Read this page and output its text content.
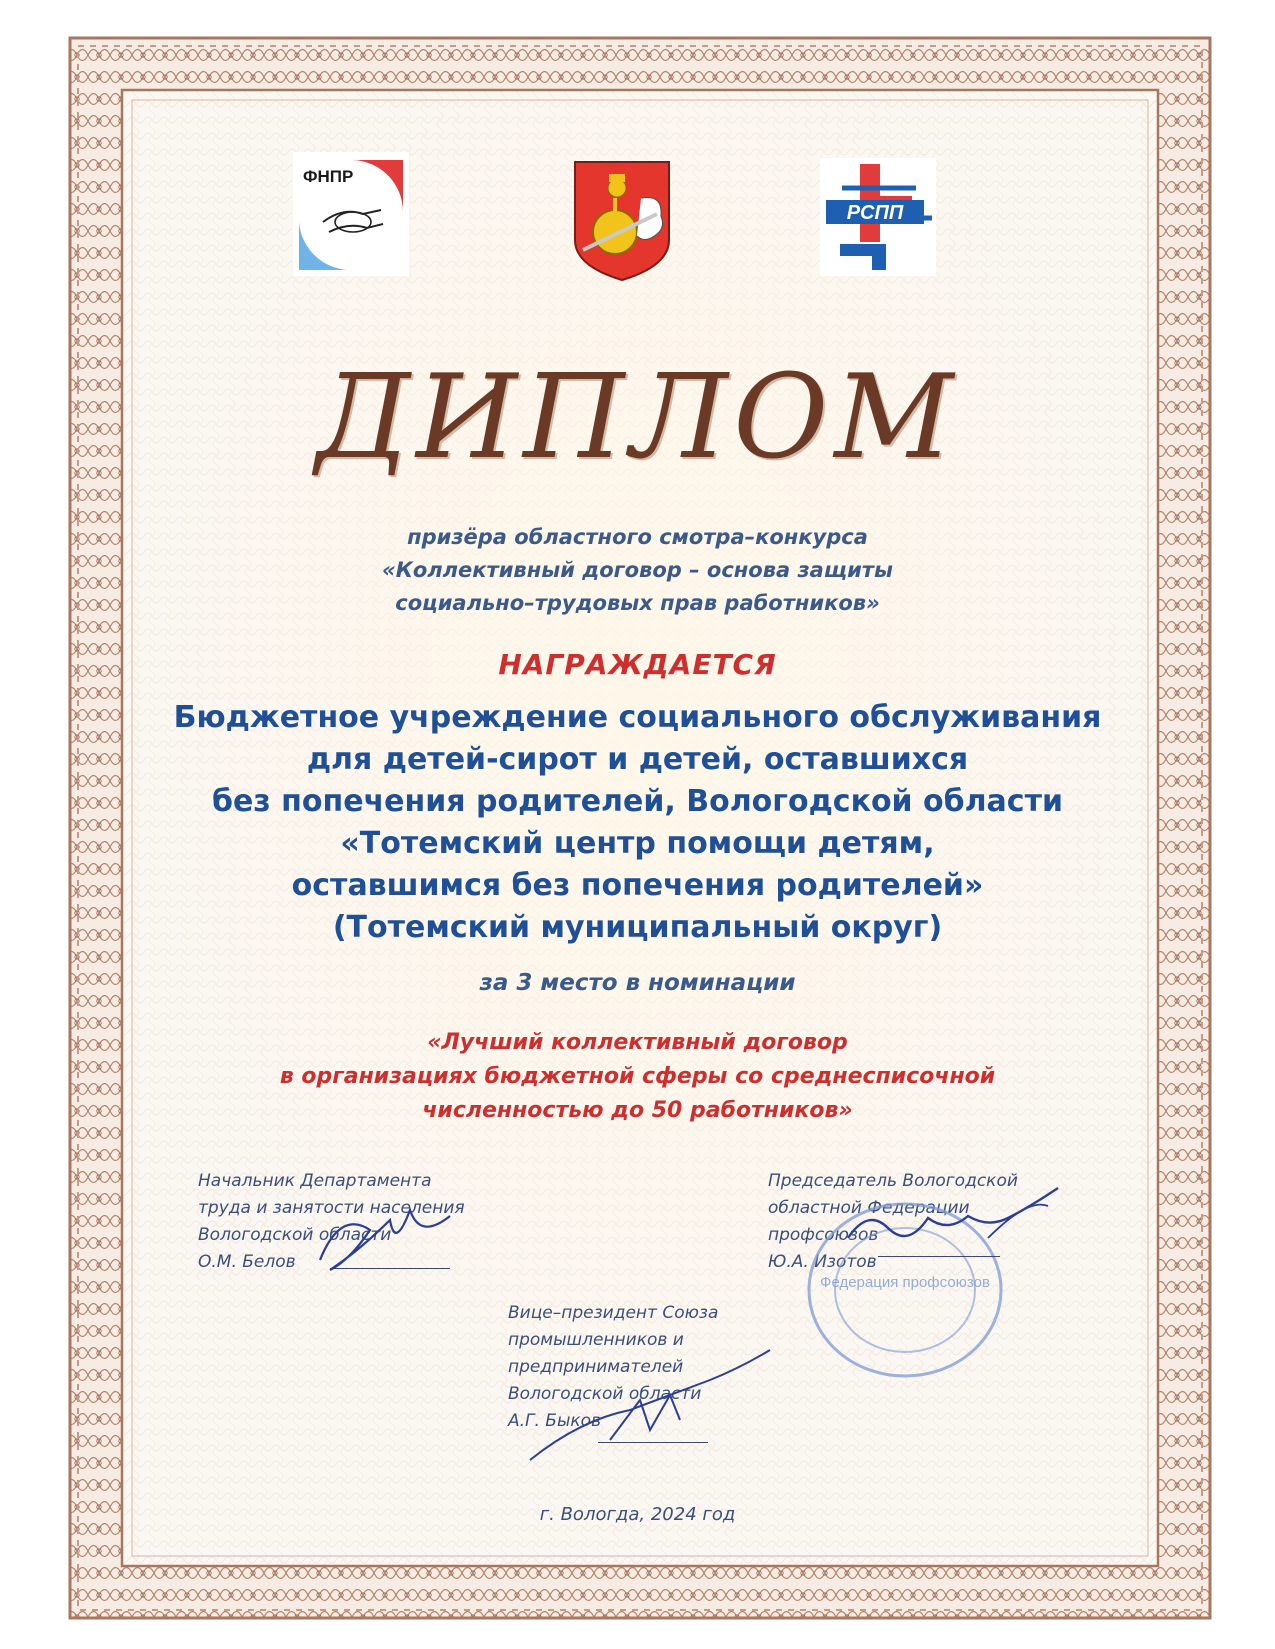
ФНПР
РСПП
ДИПЛОМ
призёра областного смотра–конкурса
«Коллективный договор – основа защиты
социально–трудовых прав работников»
НАГРАЖДАЕТСЯ
Бюджетное учреждение социального обслуживания
для детей-сирот и детей, оставшихся
без попечения родителей, Вологодской области
«Тотемский центр помощи детям,
оставшимся без попечения родителей»
(Тотемский муниципальный округ)
за 3 место в номинации
«Лучший коллективный договор
в организациях бюджетной сферы со среднесписочной
численностью до 50 работников»
Начальник Департамента
труда и занятости населения
Вологодской области
О.М. Белов
Председатель Вологодской
областной Федерации
профсоюзов
Ю.А. Изотов
Федерация профсоюзов
Вице–президент Союза
промышленников и
предпринимателей
Вологодской области
А.Г. Быков
г. Вологда, 2024 год
